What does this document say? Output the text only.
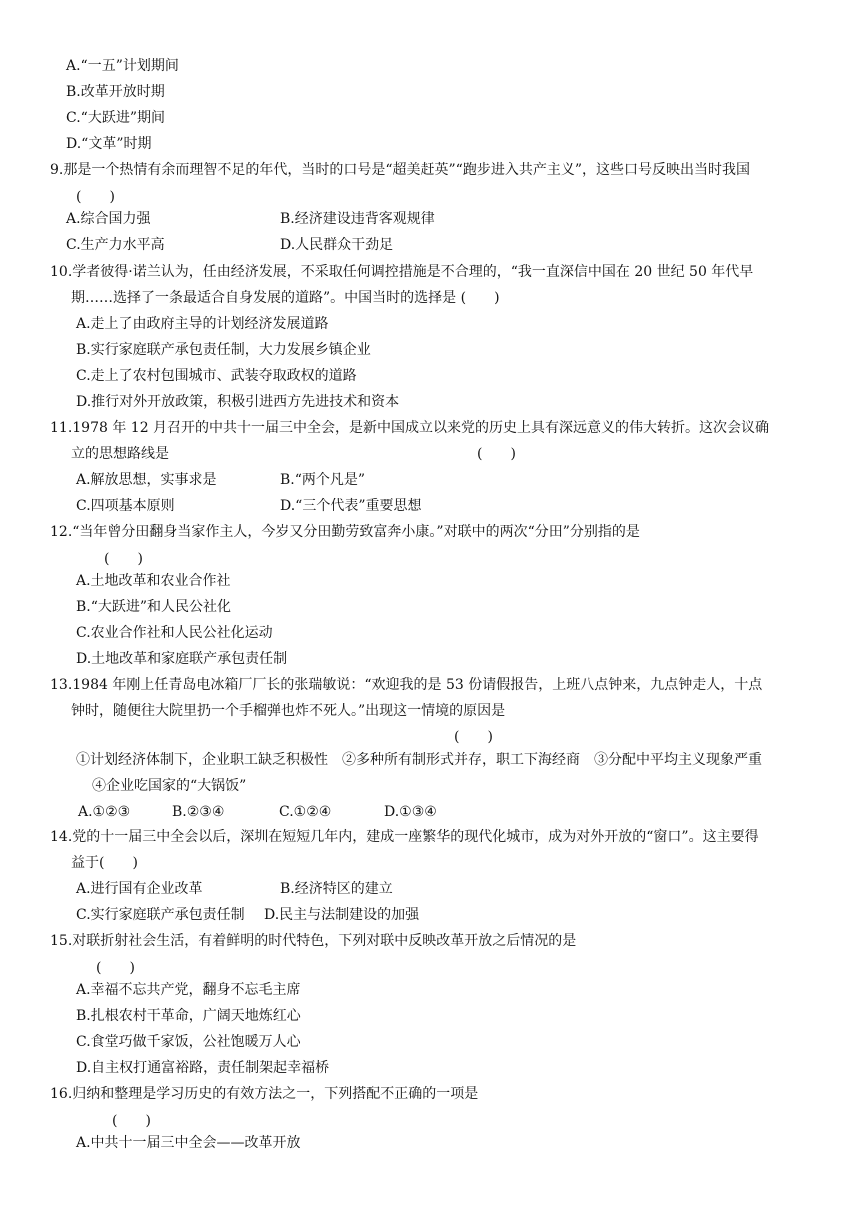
A.“一五”计划期间
B.改革开放时期
C.“大跃进”期间
D.“文革”时期
9.那是一个热情有余而理智不足的年代，当时的口号是“超美赶英”“跑步进入共产主义”，这些口号反映出当时我国
(　　)
A.综合国力强	B.经济建设违背客观规律
C.生产力水平高	D.人民群众干劲足
10.学者彼得·诺兰认为，任由经济发展，不采取任何调控措施是不合理的，“我一直深信中国在 20 世纪 50 年代早
期……选择了一条最适合自身发展的道路”。中国当时的选择是 (　　)
A.走上了由政府主导的计划经济发展道路
B.实行家庭联产承包责任制，大力发展乡镇企业
C.走上了农村包围城市、武装夺取政权的道路
D.推行对外开放政策，积极引进西方先进技术和资本
11.1978 年 12 月召开的中共十一届三中全会，是新中国成立以来党的历史上具有深远意义的伟大转折。这次会议确
立的思想路线是	(　　)
A.解放思想，实事求是	B.“两个凡是”
C.四项基本原则	D.“三个代表”重要思想
12.“当年曾分田翻身当家作主人，今岁又分田勤劳致富奔小康。”对联中的两次“分田”分别指的是
(　　)
A.土地改革和农业合作社
B.“大跃进”和人民公社化
C.农业合作社和人民公社化运动
D.土地改革和家庭联产承包责任制
13.1984 年刚上任青岛电冰箱厂厂长的张瑞敏说：“欢迎我的是 53 份请假报告，上班八点钟来，九点钟走人，十点
钟时，随便往大院里扔一个手榴弹也炸不死人。”出现这一情境的原因是
(　　)
①计划经济体制下，企业职工缺乏积极性　②多种所有制形式并存，职工下海经商　③分配中平均主义现象严重
④企业吃国家的“大锅饭”
A.①②③	B.②③④	C.①②④	D.①③④
14.党的十一届三中全会以后，深圳在短短几年内，建成一座繁华的现代化城市，成为对外开放的“窗口”。这主要得
益于(　　)
A.进行国有企业改革	B.经济特区的建立
C.实行家庭联产承包责任制 D.民主与法制建设的加强
15.对联折射社会生活，有着鲜明的时代特色，下列对联中反映改革开放之后情况的是
(　　)
A.幸福不忘共产党，翻身不忘毛主席
B.扎根农村干革命，广阔天地炼红心
C.食堂巧做千家饭，公社饱暖万人心
D.自主权打通富裕路，责任制架起幸福桥
16.归纳和整理是学习历史的有效方法之一，下列搭配不正确的一项是
(　　)
A.中共十一届三中全会——改革开放
